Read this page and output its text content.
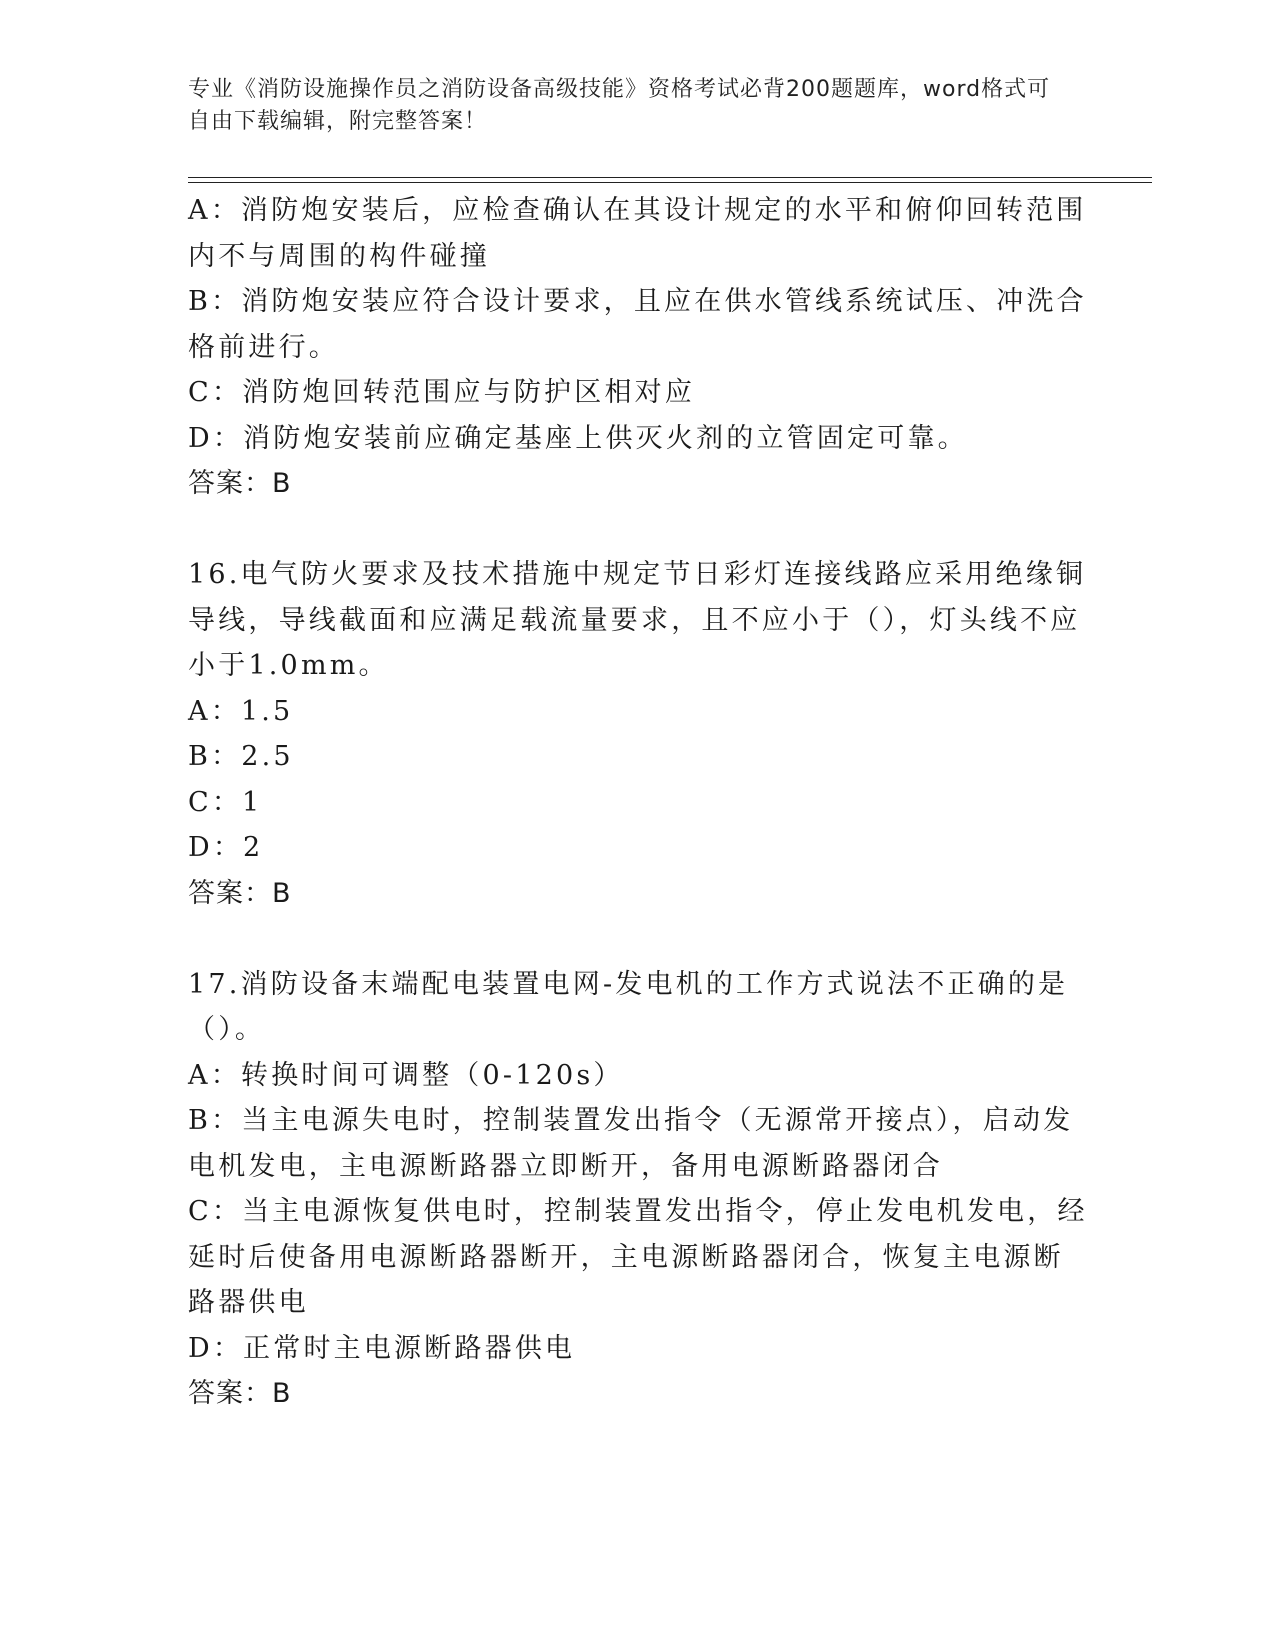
专业《消防设施操作员之消防设备高级技能》资格考试必背200题题库，word格式可自由下载编辑，附完整答案！

A：消防炮安装后，应检查确认在其设计规定的水平和俯仰回转范围内不与周围的构件碰撞

B：消防炮安装应符合设计要求，且应在供水管线系统试压、冲洗合格前进行。

C：消防炮回转范围应与防护区相对应

D：消防炮安装前应确定基座上供灭火剂的立管固定可靠。

答案：B

16.电气防火要求及技术措施中规定节日彩灯连接线路应采用绝缘铜导线，导线截面和应满足载流量要求，且不应小于（），灯头线不应小于1.0mm。

A：1.5

B：2.5

C：1

D：2

答案：B

17.消防设备末端配电装置电网-发电机的工作方式说法不正确的是（）。

A：转换时间可调整（0-120s）

B：当主电源失电时，控制装置发出指令（无源常开接点），启动发电机发电，主电源断路器立即断开，备用电源断路器闭合

C：当主电源恢复供电时，控制装置发出指令，停止发电机发电，经延时后使备用电源断路器断开，主电源断路器闭合，恢复主电源断路器供电

D：正常时主电源断路器供电

答案：B
